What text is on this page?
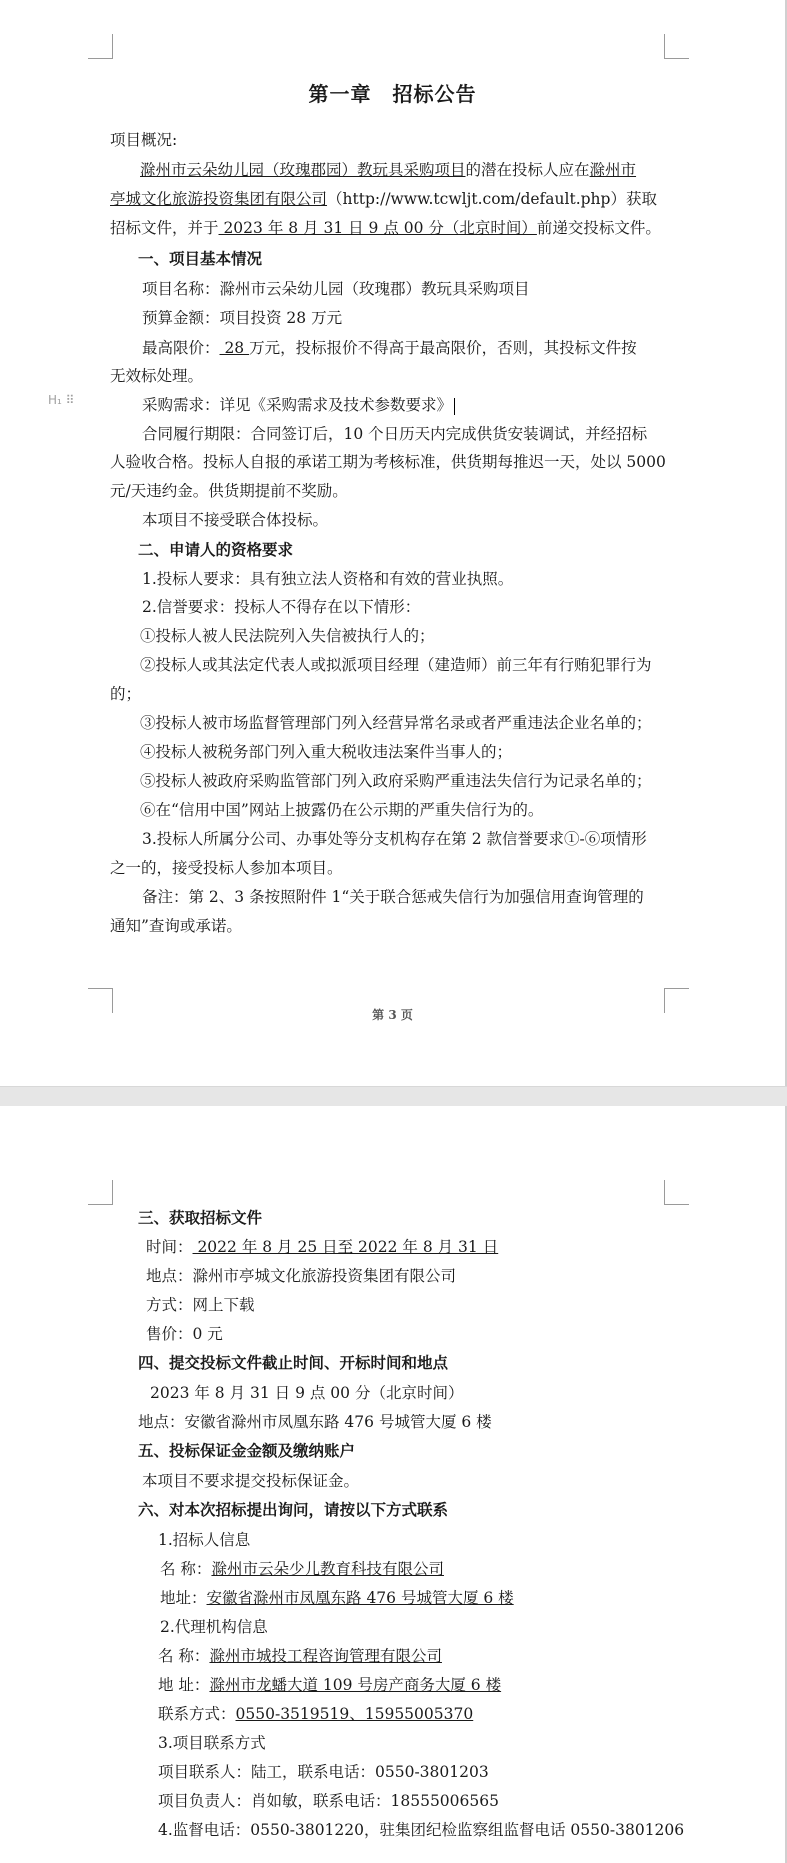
H₁ ⠿
第一章　招标公告
项目概况:
滁州市云朵幼儿园（玫瑰郡园）教玩具采购项目的潜在投标人应在滁州市
亭城文化旅游投资集团有限公司（http://www.tcwljt.com/default.php）获取
招标文件，并于 2023 年 8 月 31 日 9 点 00 分（北京时间）前递交投标文件。
一、项目基本情况
项目名称：滁州市云朵幼儿园（玫瑰郡）教玩具采购项目
预算金额：项目投资 28 万元
最高限价： 28 万元，投标报价不得高于最高限价，否则，其投标文件按
无效标处理。
采购需求：详见《采购需求及技术参数要求》
合同履行期限：合同签订后，10 个日历天内完成供货安装调试，并经招标
人验收合格。投标人自报的承诺工期为考核标准，供货期每推迟一天，处以 5000
元/天违约金。供货期提前不奖励。
本项目不接受联合体投标。
二、申请人的资格要求
1.投标人要求：具有独立法人资格和有效的营业执照。
2.信誉要求：投标人不得存在以下情形：
①投标人被人民法院列入失信被执行人的；
②投标人或其法定代表人或拟派项目经理（建造师）前三年有行贿犯罪行为
的；
③投标人被市场监督管理部门列入经营异常名录或者严重违法企业名单的；
④投标人被税务部门列入重大税收违法案件当事人的；
⑤投标人被政府采购监管部门列入政府采购严重违法失信行为记录名单的；
⑥在“信用中国”网站上披露仍在公示期的严重失信行为的。
3.投标人所属分公司、办事处等分支机构存在第 2 款信誉要求①-⑥项情形
之一的，接受投标人参加本项目。
备注：第 2、3 条按照附件 1“关于联合惩戒失信行为加强信用查询管理的
通知”查询或承诺。
第 3 页
三、获取招标文件
时间： 2022 年 8 月 25 日至 2022 年 8 月 31 日
地点：滁州市亭城文化旅游投资集团有限公司
方式：网上下载
售价：0 元
四、提交投标文件截止时间、开标时间和地点
2023 年 8 月 31 日 9 点 00 分（北京时间）
地点：安徽省滁州市凤凰东路 476 号城管大厦 6 楼
五、投标保证金金额及缴纳账户
本项目不要求提交投标保证金。
六、对本次招标提出询问，请按以下方式联系
1.招标人信息
名 称：滁州市云朵少儿教育科技有限公司
地址：安徽省滁州市凤凰东路 476 号城管大厦 6 楼
2.代理机构信息
名 称：滁州市城投工程咨询管理有限公司
地 址：滁州市龙蟠大道 109 号房产商务大厦 6 楼
联系方式：0550-3519519、15955005370
3.项目联系方式
项目联系人：陆工，联系电话：0550-3801203
项目负责人：肖如敏，联系电话：18555006565
4.监督电话：0550-3801220，驻集团纪检监察组监督电话 0550-3801206
